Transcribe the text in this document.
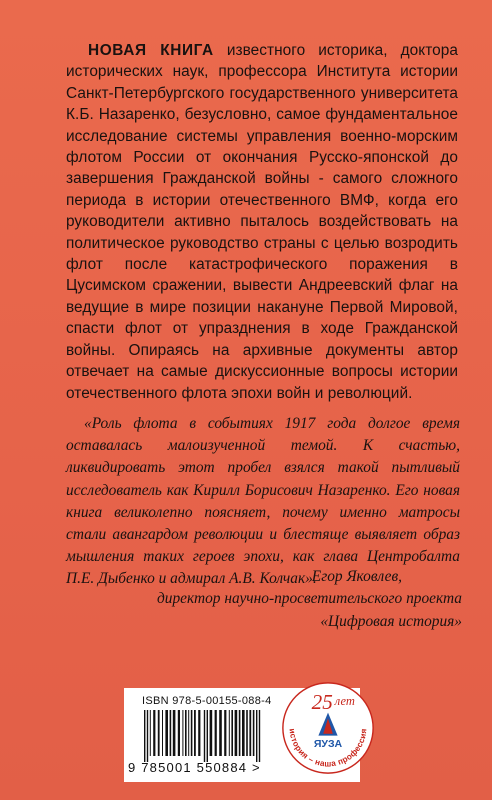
НОВАЯ КНИГА известного историка, доктора исторических наук, профессора Института истории Санкт-Петербургского государственного университета К.Б. Назаренко, безусловно, самое фундаментальное исследование системы управления военно-морским флотом России от окончания Русско-японской до завершения Гражданской войны - самого сложного периода в истории отечественного ВМФ, когда его руководители активно пыталось воздействовать на политическое руководство страны с целью возродить флот после катастрофического поражения в Цусимском сражении, вывести Андреевский флаг на ведущие в мире позиции накануне Первой Мировой, спасти флот от упразднения в ходе Гражданской войны. Опираясь на архивные документы автор отвечает на самые дискуссионные вопросы истории отечественного флота эпохи войн и революций.

«Роль флота в событиях 1917 года долгое время оставалась малоизученной темой. К счастью, ликвидировать этот пробел взялся такой пытливый исследователь как Кирилл Борисович Назаренко. Его новая книга великолепно поясняет, почему именно матросы стали авангардом революции и блестяще выявляет образ мышления таких героев эпохи, как глава Центробалта П.Е. Дыбенко и адмирал А.В. Колчак».

Егор Яковлев,
директор научно-просветительского проекта
«Цифровая история»
ISBN 978-5-00155-088-4
9 785001 550884 >
25 лет
ЯУЗА
история – наша профессия
